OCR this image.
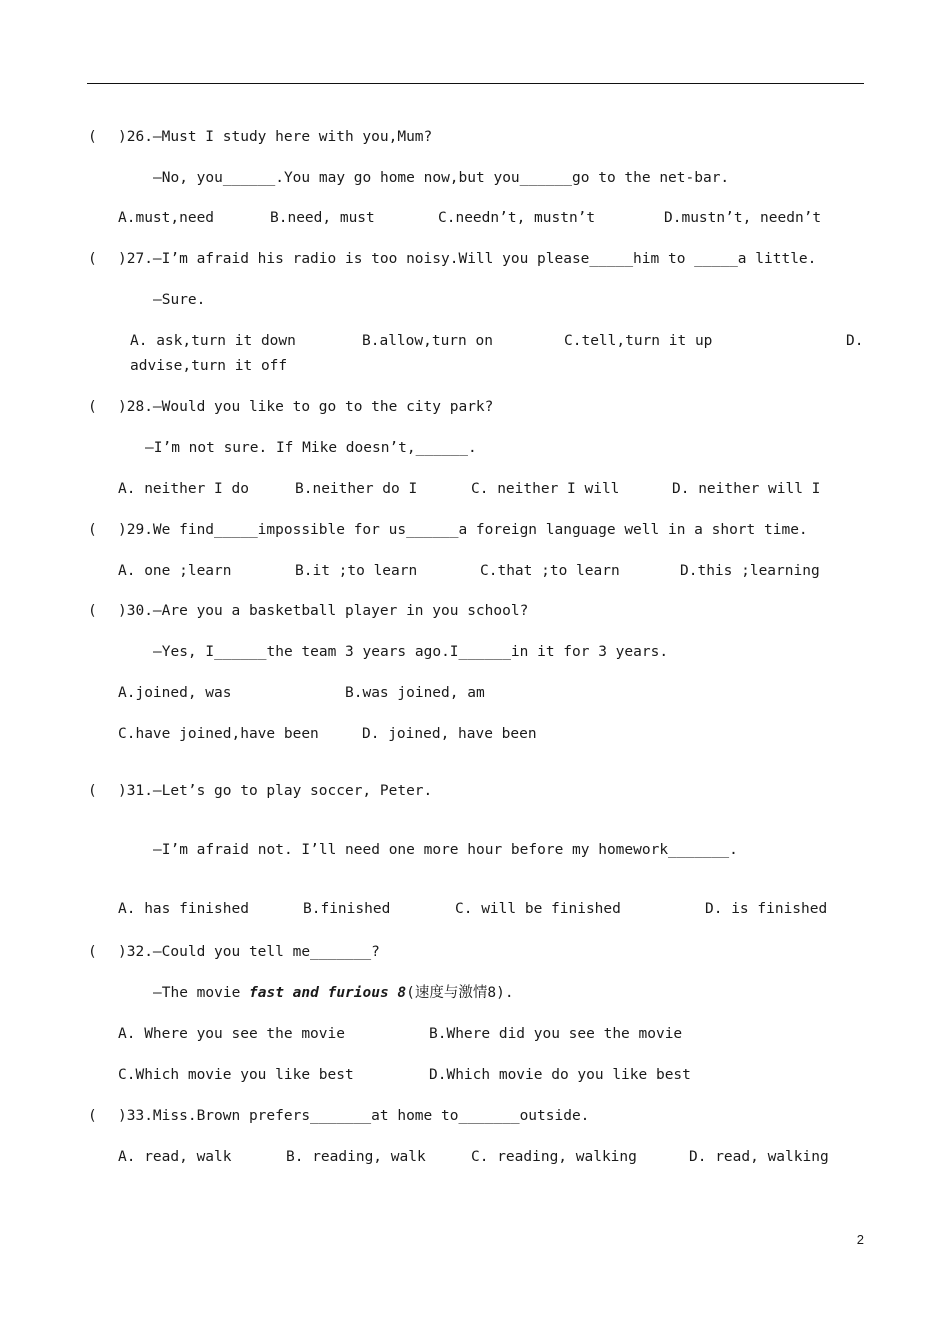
( )26.—Must I study here with you,Mum?
—No, you______.You may go home now,but you______go to the net-bar.
A.must,need	B.need, must	C.needn’t, mustn’t	D.mustn’t, needn’t
( )27.—I’m afraid his radio is too noisy.Will you please_____him to _____a little.
—Sure.
A. ask,turn it down	B.allow,turn on	C.tell,turn it up	D.
advise,turn it off
( )28.—Would you like to go to the city park?
—I’m not sure. If Mike doesn’t,______.
A. neither I do	B.neither do I	C. neither I will	D. neither will I
( )29.We find_____impossible for us______a foreign language well in a short time.
A. one ;learn	B.it ;to learn	C.that ;to learn	D.this ;learning
( )30.—Are you a basketball player in you school?
—Yes, I______the team 3 years ago.I______in it for 3 years.
A.joined, was	B.was joined, am
C.have joined,have been	D. joined, have been
( )31.—Let’s go to play soccer, Peter.
—I’m afraid not. I’ll need one more hour before my homework_______.
A. has finished	B.finished	C. will be finished	D. is finished
( )32.—Could you tell me_______?
—The movie fast and furious 8(速度与激情8).
A. Where you see the movie	B.Where did you see the movie
C.Which movie you like best	D.Which movie do you like best
( )33.Miss.Brown prefers_______at home to_______outside.
A. read, walk	B. reading, walk	C. reading, walking	D. read, walking
2
